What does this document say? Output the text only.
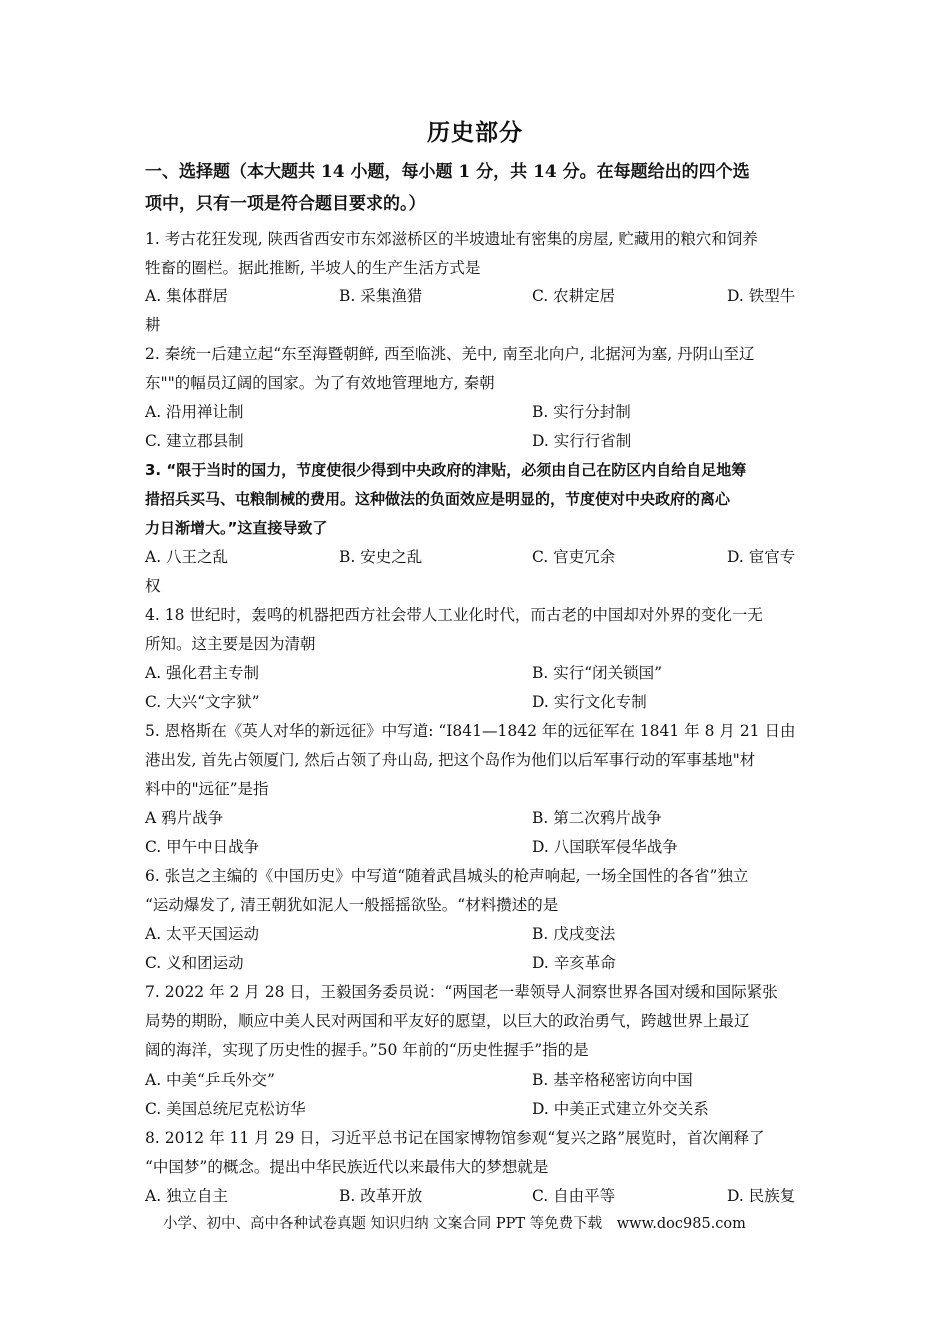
历史部分
一、选择题（本大题共 14 小题，每小题 1 分，共 14 分。在每题给出的四个选
项中，只有一项是符合题目要求的。）
1. 考古花狂发现, 陕西省西安市东郊滋桥区的半坡遗址有密集的房屋, 贮藏用的粮穴和饲养
牲畜的圈栏。据此推断, 半坡人的生产生活方式是
A. 集体群居	B. 采集渔猎	C. 农耕定居	D. 铁型牛
耕
2. 秦统一后建立起“东至海暨朝鲜, 西至临洮、羌中, 南至北向户, 北据河为塞, 丹阴山至辽
东""的幅员辽阔的国家。为了有效地管理地方, 秦朝
A. 沿用禅让制	B. 实行分封制
C. 建立郡县制	D. 实行行省制
3. “限于当时的国力，节度使很少得到中央政府的津贴，必须由自己在防区内自给自足地筹
措招兵买马、屯粮制械的费用。这种做法的负面效应是明显的，节度使对中央政府的离心
力日渐增大。”这直接导致了
A. 八王之乱	B. 安史之乱	C. 官吏冗余	D. 宦官专
权
4. 18 世纪时，轰鸣的机器把西方社会带人工业化时代，而古老的中国却对外界的变化一无
所知。这主要是因为清朝
A. 强化君主专制	B. 实行“闭关锁国”
C. 大兴“文字狱”	D. 实行文化专制
5. 恩格斯在《英人对华的新远征》中写道: “I841—1842 年的远征军在 1841 年 8 月 21 日由
港出发, 首先占领厦门, 然后占领了舟山岛, 把这个岛作为他们以后军事行动的军事基地"材
料中的"远征”是指
A 鸦片战争	B. 第二次鸦片战争
C. 甲午中日战争	D. 八国联军侵华战争
6. 张岂之主编的《中国历史》中写道“随着武昌城头的枪声响起, 一场全国性的各省”独立
“运动爆发了, 清王朝犹如泥人一般摇摇欲坠。“材料攒述的是
A. 太平天国运动	B. 戊戌变法
C. 义和团运动	D. 辛亥革命
7. 2022 年 2 月 28 日，王毅国务委员说：“两国老一辈领导人洞察世界各国对缓和国际紧张
局势的期盼，顺应中美人民对两国和平友好的愿望，以巨大的政治勇气，跨越世界上最辽
阔的海洋，实现了历史性的握手。”50 年前的“历史性握手”指的是
A. 中美“乒乓外交”	B. 基辛格秘密访向中国
C. 美国总统尼克松访华	D. 中美正式建立外交关系
8. 2012 年 11 月 29 日，习近平总书记在国家博物馆参观“复兴之路”展览时，首次阐释了
“中国梦”的概念。提出中华民族近代以来最伟大的梦想就是
A. 独立自主	B. 改革开放	C. 自由平等	D. 民族复
小学、初中、高中各种试卷真题 知识归纳 文案合同 PPT 等免费下载 www.doc985.com
